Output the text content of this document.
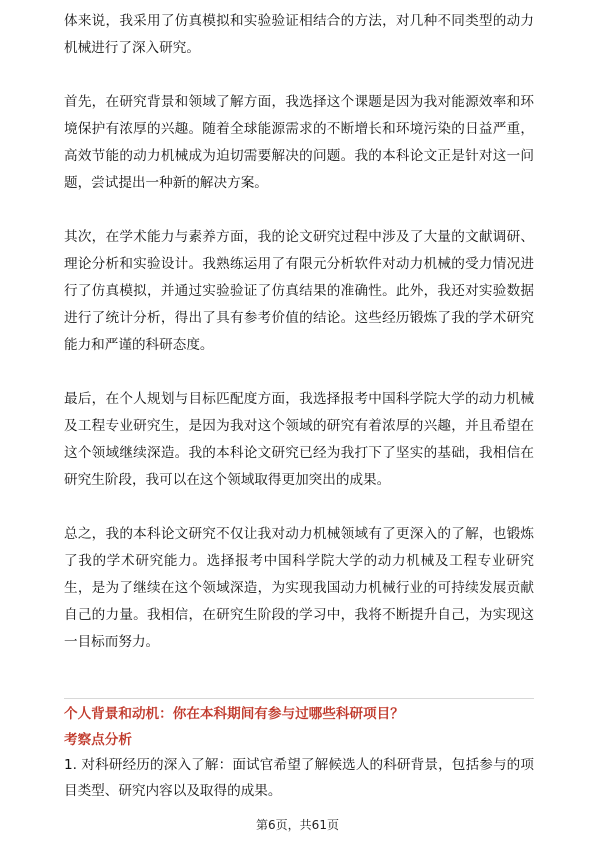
体来说，我采用了仿真模拟和实验验证相结合的方法，对几种不同类型的动力机械进行了深入研究。

首先，在研究背景和领域了解方面，我选择这个课题是因为我对能源效率和环境保护有浓厚的兴趣。随着全球能源需求的不断增长和环境污染的日益严重，高效节能的动力机械成为迫切需要解决的问题。我的本科论文正是针对这一问题，尝试提出一种新的解决方案。

其次，在学术能力与素养方面，我的论文研究过程中涉及了大量的文献调研、理论分析和实验设计。我熟练运用了有限元分析软件对动力机械的受力情况进行了仿真模拟，并通过实验验证了仿真结果的准确性。此外，我还对实验数据进行了统计分析，得出了具有参考价值的结论。这些经历锻炼了我的学术研究能力和严谨的科研态度。

最后，在个人规划与目标匹配度方面，我选择报考中国科学院大学的动力机械及工程专业研究生，是因为我对这个领域的研究有着浓厚的兴趣，并且希望在这个领域继续深造。我的本科论文研究已经为我打下了坚实的基础，我相信在研究生阶段，我可以在这个领域取得更加突出的成果。

总之，我的本科论文研究不仅让我对动力机械领域有了更深入的了解，也锻炼了我的学术研究能力。选择报考中国科学院大学的动力机械及工程专业研究生，是为了继续在这个领域深造，为实现我国动力机械行业的可持续发展贡献自己的力量。我相信，在研究生阶段的学习中，我将不断提升自己，为实现这一目标而努力。

个人背景和动机：你在本科期间有参与过哪些科研项目？
考察点分析

1. 对科研经历的深入了解：面试官希望了解候选人的科研背景，包括参与的项目类型、研究内容以及取得的成果。

第6页，共61页
